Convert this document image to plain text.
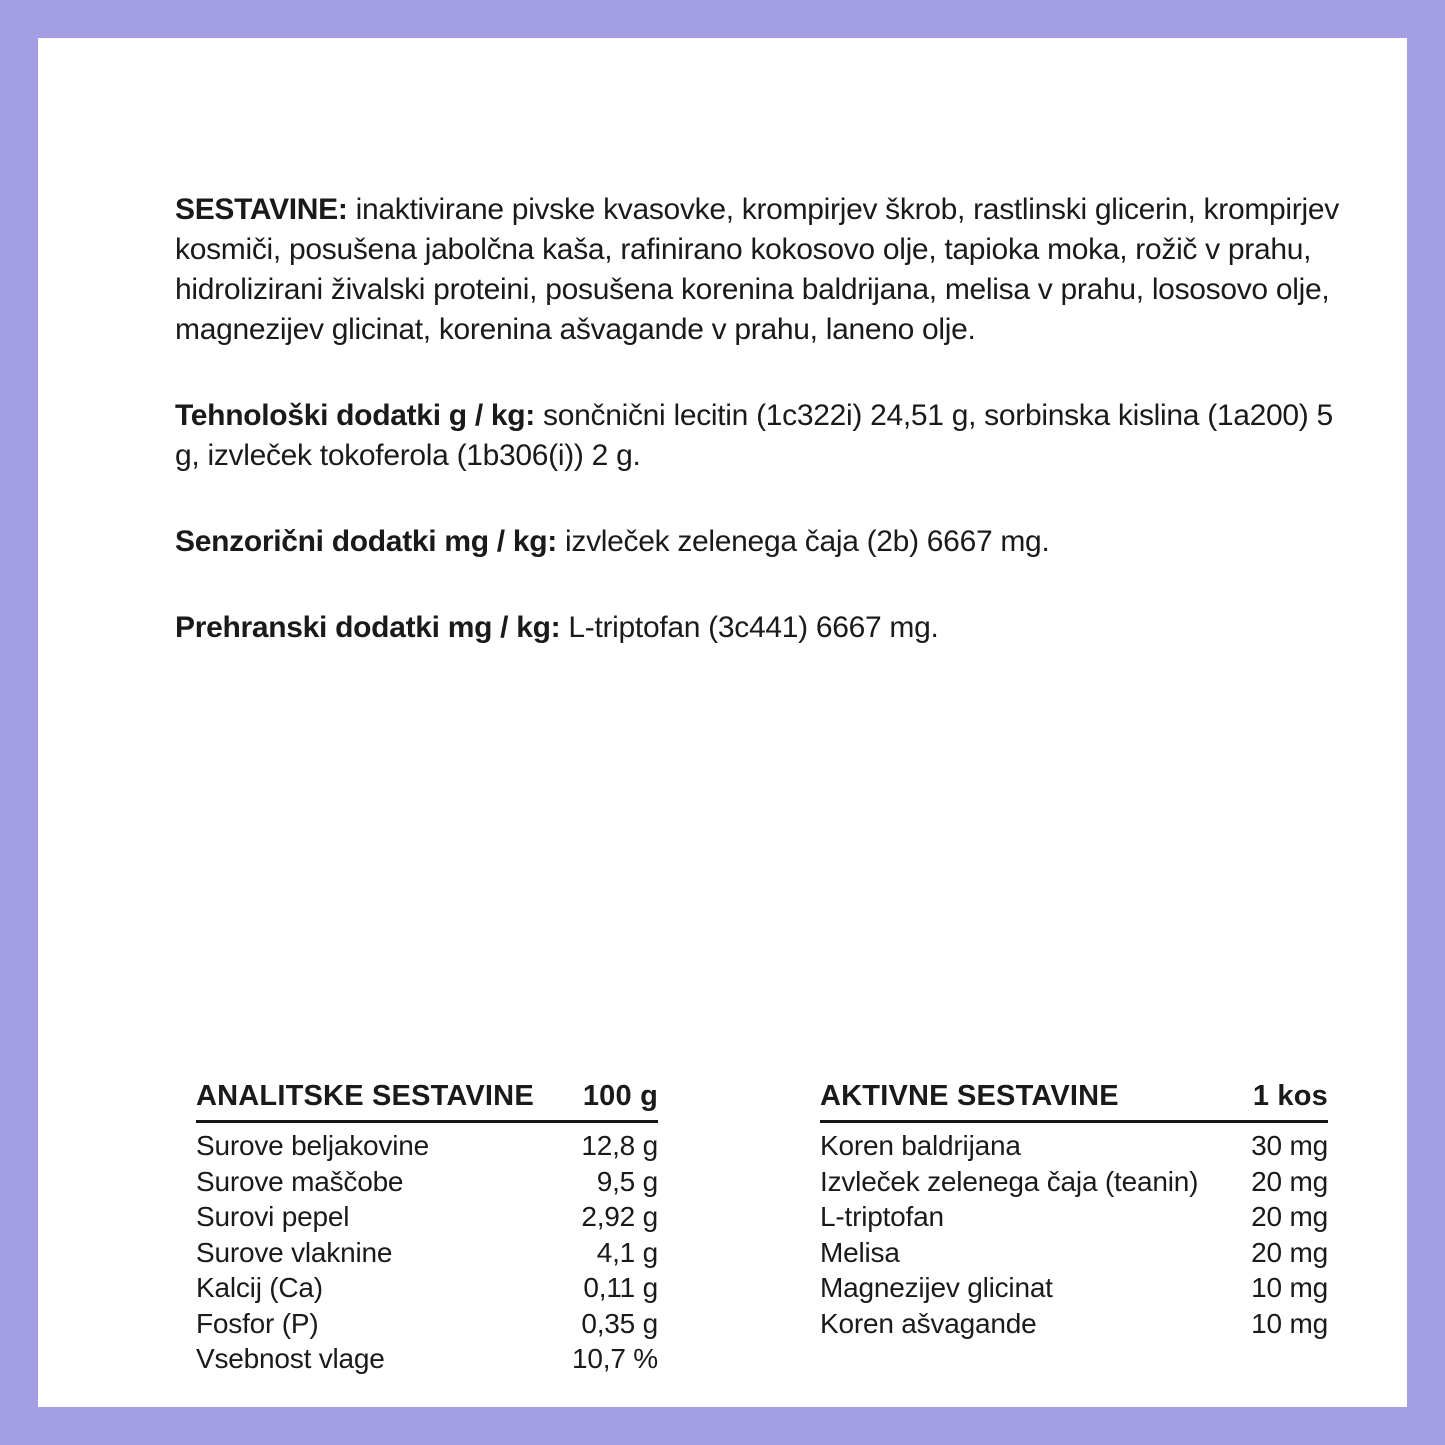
SESTAVINE: inaktivirane pivske kvasovke, krompirjev škrob, rastlinski glicerin, krompirjev kosmiči, posušena jabolčna kaša, rafinirano kokosovo olje, tapioka moka, rožič v prahu, hidrolizirani živalski proteini, posušena korenina baldrijana, melisa v prahu, lososovo olje, magnezijev glicinat, korenina ašvagande v prahu, laneno olje.

Tehnološki dodatki g / kg: sončnični lecitin (1c322i) 24,51 g, sorbinska kislina (1a200) 5 g, izvleček tokoferola (1b306(i)) 2 g.

Senzorični dodatki mg / kg: izvleček zelenega čaja (2b) 6667 mg.

Prehranski dodatki mg / kg: L-triptofan (3c441) 6667 mg.

ANALITSKE SESTAVINE 100 g
Surove beljakovine	12,8 g
Surove maščobe	9,5 g
Surovi pepel	2,92 g
Surove vlaknine	4,1 g
Kalcij (Ca)	0,11 g
Fosfor (P)	0,35 g
Vsebnost vlage	10,7 %
AKTIVNE SESTAVINE	1 kos
Koren baldrijana	30 mg
Izvleček zelenega čaja (teanin) 20 mg
L-triptofan	20 mg
Melisa	20 mg
Magnezijev glicinat	10 mg
Koren ašvagande	10 mg
